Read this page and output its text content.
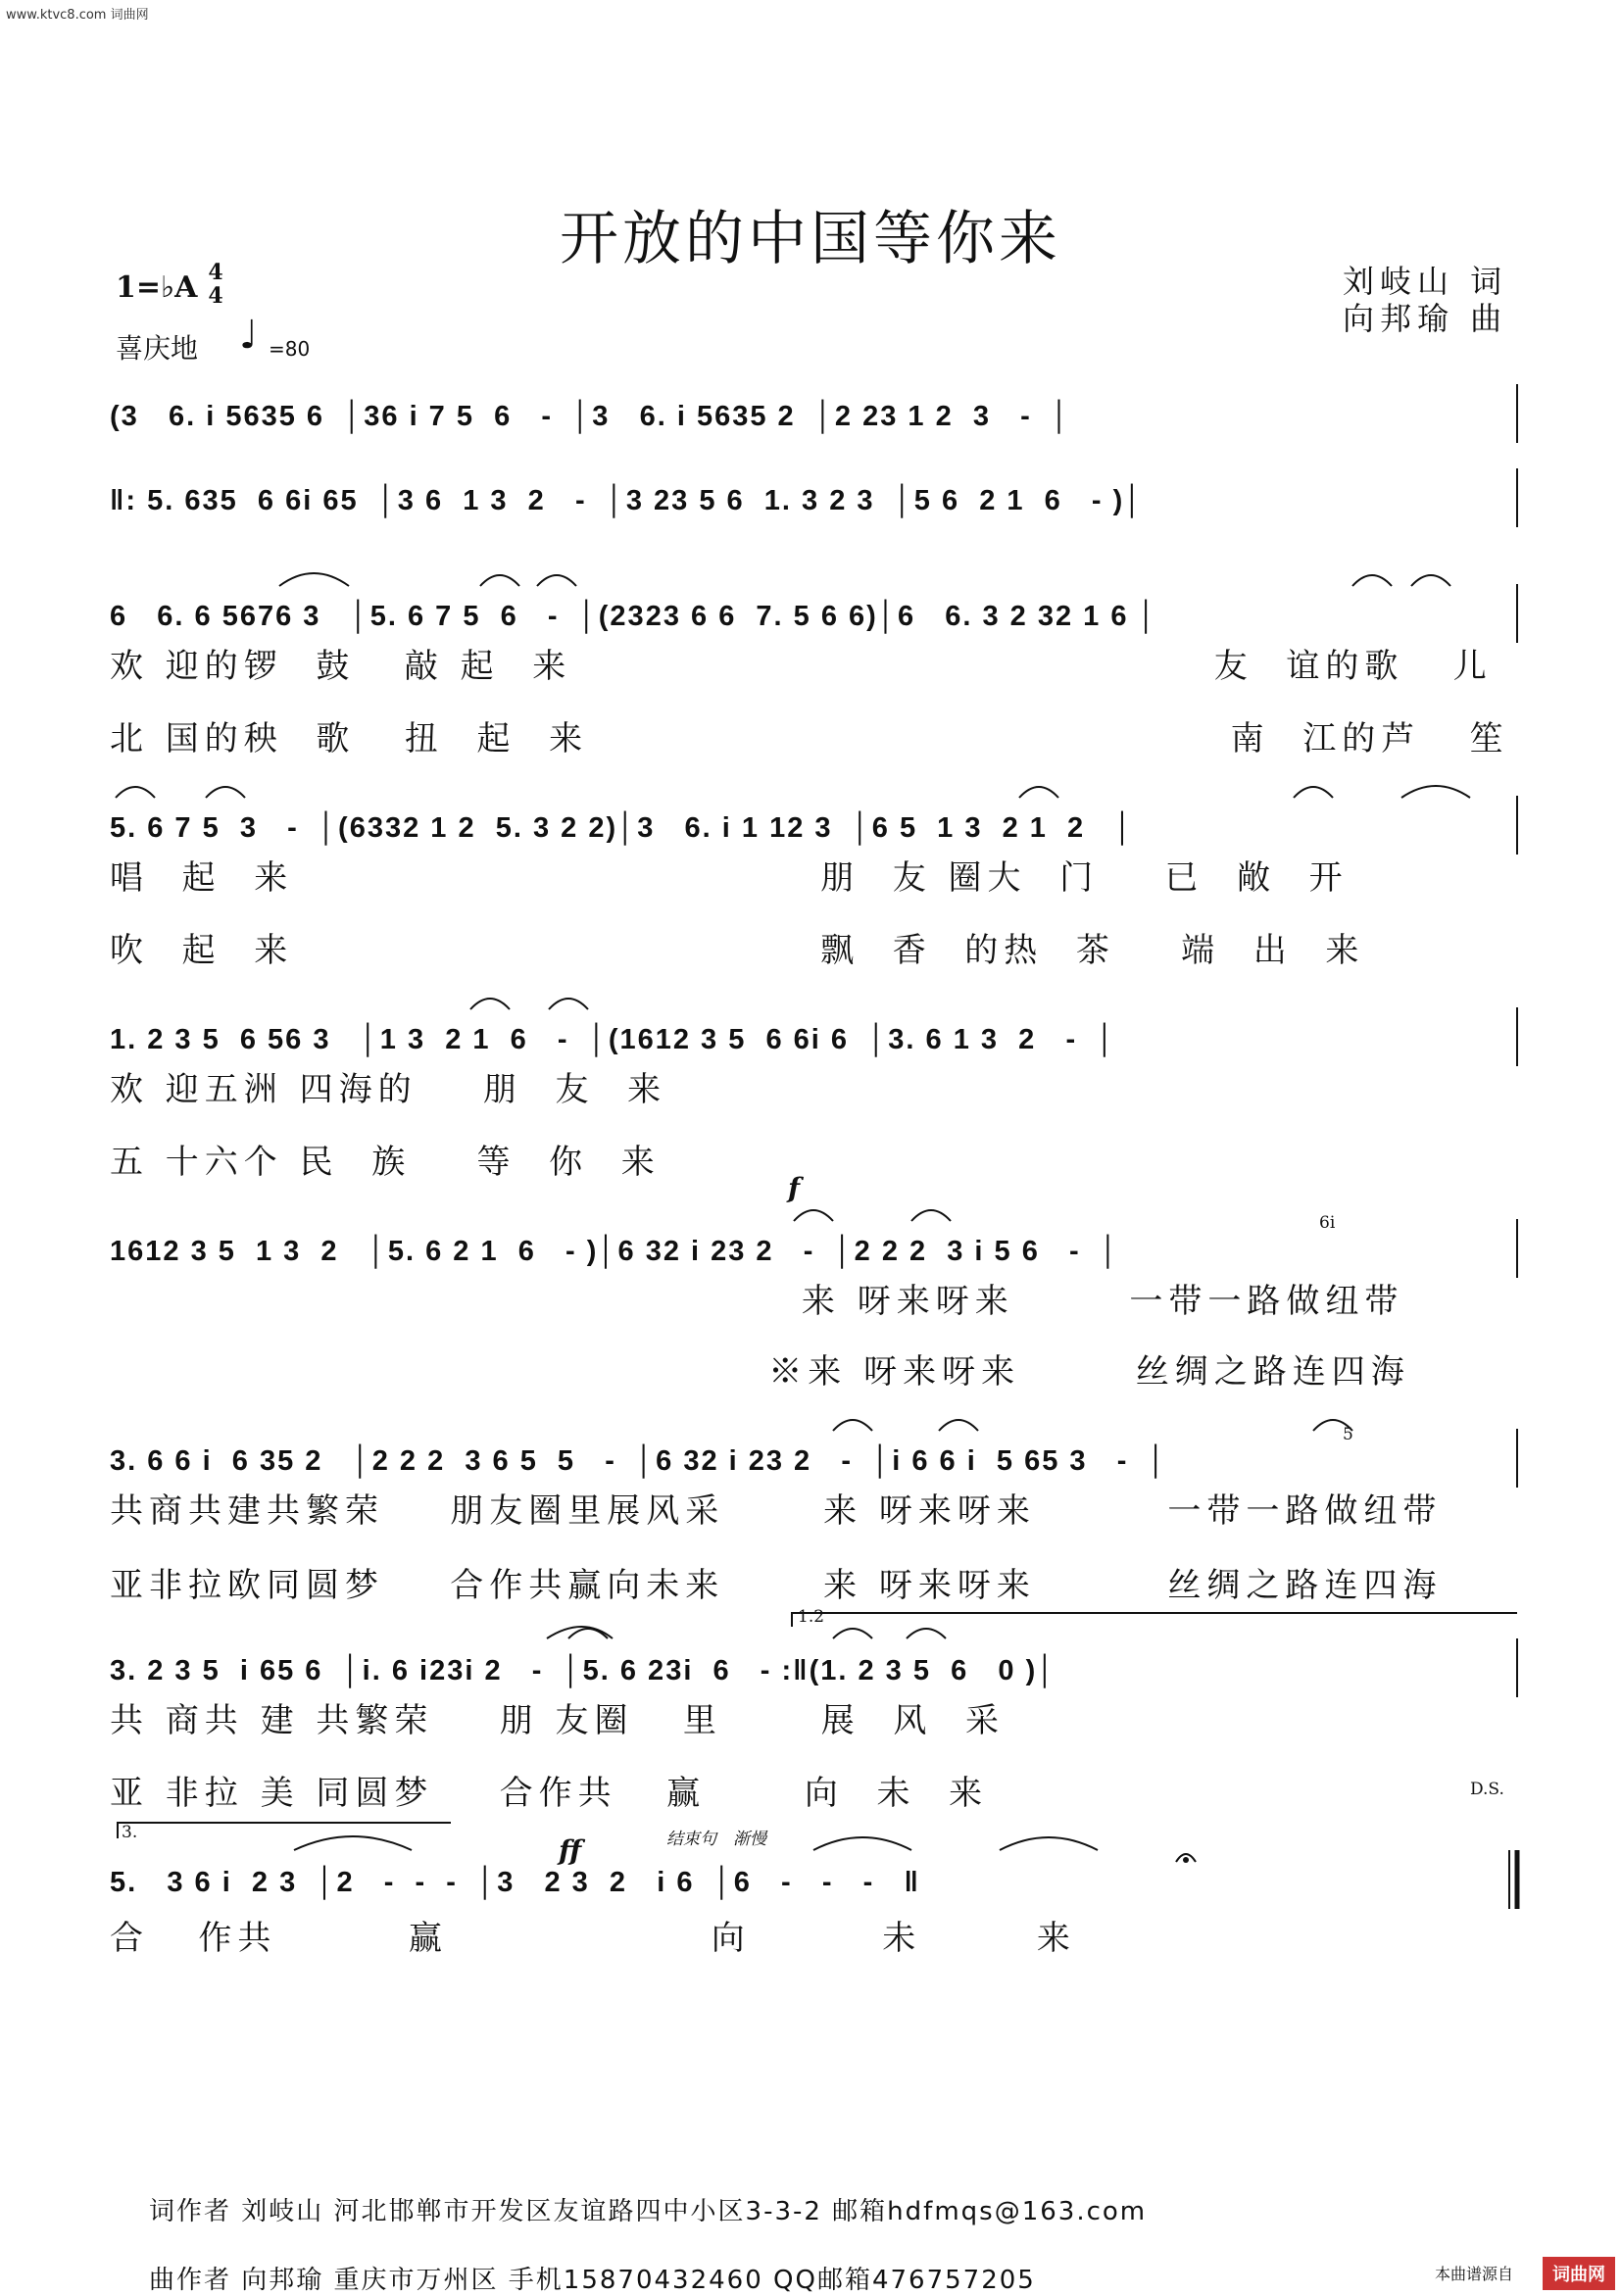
www.ktvc8.com 词曲网
开放的中国等你来
刘岐山 词
向邦瑜 曲
1=♭A 4
4
喜庆地 ♩ =80
(3   6. i 5635 6  │36 i 7 5  6   -  │3   6. i 5635 2  │2 23 1 2  3   -  │
‖: 5. 635  6 6i 65  │3 6  1 3  2   -  │3 23 5 6  1. 3 2 3  │5 6  2 1  6   - )│
6   6. 6 5676 3   │5. 6 7 5  6   -  │(2323 6 6  7. 5 6 6)│6   6. 3 2 32 1 6 │
欢 迎的锣  鼓   敲 起  来                                       友  谊的歌   儿
北 国的秧  歌   扭  起  来                                       南  江的芦   笙
5. 6 7 5  3   -  │(6332 1 2  5. 3 2 2)│3   6. i 1 12 3  │6 5  1 3  2 1  2   │
唱  起  来                                朋  友 圈大  门    已  敞  开
吹  起  来                                飘  香  的热  茶    端  出  来
1. 2 3 5  6 56 3   │1 3  2 1  6   -  │(1612 3 5  6 6i 6  │3. 6 1 3  2   -  │
欢 迎五洲 四海的    朋  友  来
五 十六个 民  族    等  你  来
f
1612 3 5  1 3  2   │5. 6 2 1  6   - )│6 32 i 23 2   -  │2 2 2  3 i 5 6   -  │
6i
来 呀来呀来       一带一路做纽带
※来 呀来呀来       丝绸之路连四海
3. 6 6 i  6 35 2   │2 2 2  3 6 5  5   -  │6 32 i 23 2   -  │i 6 6 i  5 65 3   -  │
5
共商共建共繁荣    朋友圈里展风采      来 呀来呀来        一带一路做纽带
亚非拉欧同圆梦    合作共赢向未来      来 呀来呀来        丝绸之路连四海
1.2
3. 2 3 5  i 65 6  │i. 6 i23i 2   -  │5. 6 23i  6   - :‖(1. 2 3 5  6   0 )│
共 商共 建 共繁荣    朋 友圈   里      展  风  采
亚 非拉 美 同圆梦    合作共   赢      向  未  来	D.S.
3.	结束句　渐慢
ff
5.   3 6 i  2 3  │2   -  -  -  │3   2 3  2   i 6  │6   -   -   -   ‖
合   作共        赢                向        未       来
词作者 刘岐山 河北邯郸市开发区友谊路四中小区3-3-2 邮箱hdfmqs@163.com
曲作者 向邦瑜 重庆市万州区 手机15870432460 QQ邮箱476757205	本曲谱源自	词曲网
